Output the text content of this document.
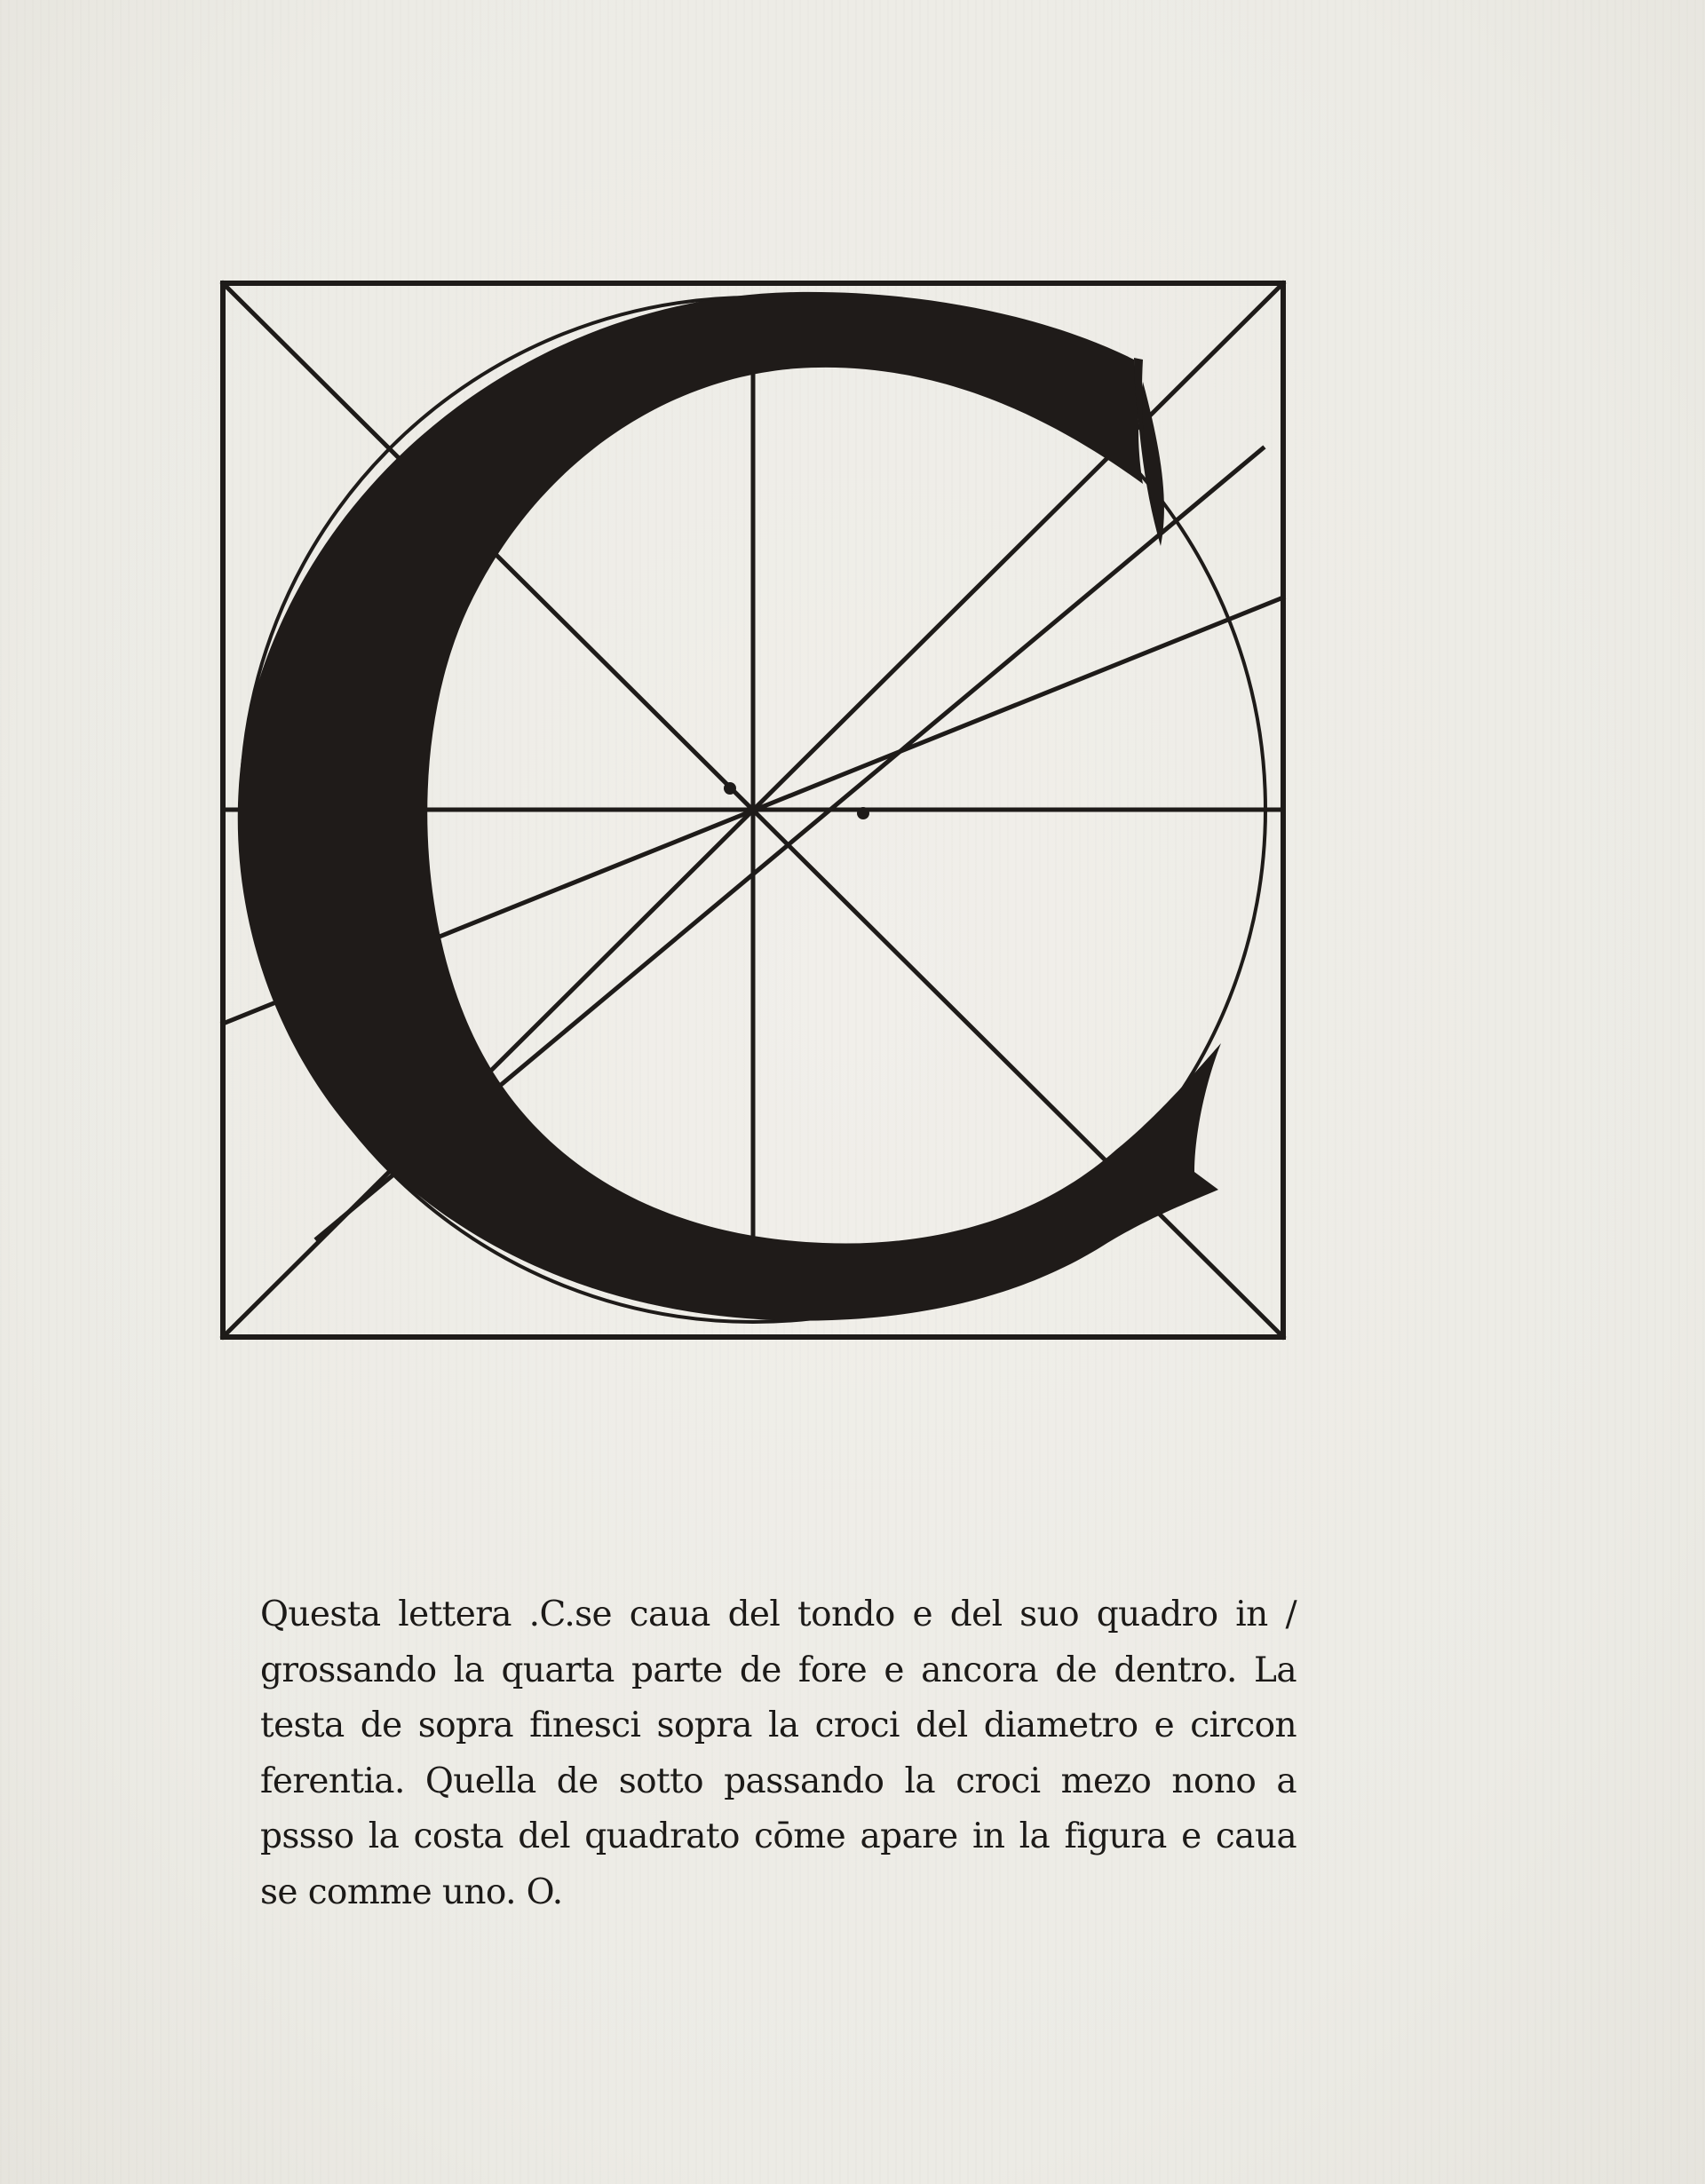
Questa lettera .C.se caua del tondo e del suo quadro in /
grossando la quarta parte de fore e ancora de dentro. La
testa de sopra finesci sopra la croci del diametro e circon
ferentia. Quella de sotto passando la croci mezo nono a
pssso la costa del quadrato cōme apare in la figura e caua
se comme uno. O.
